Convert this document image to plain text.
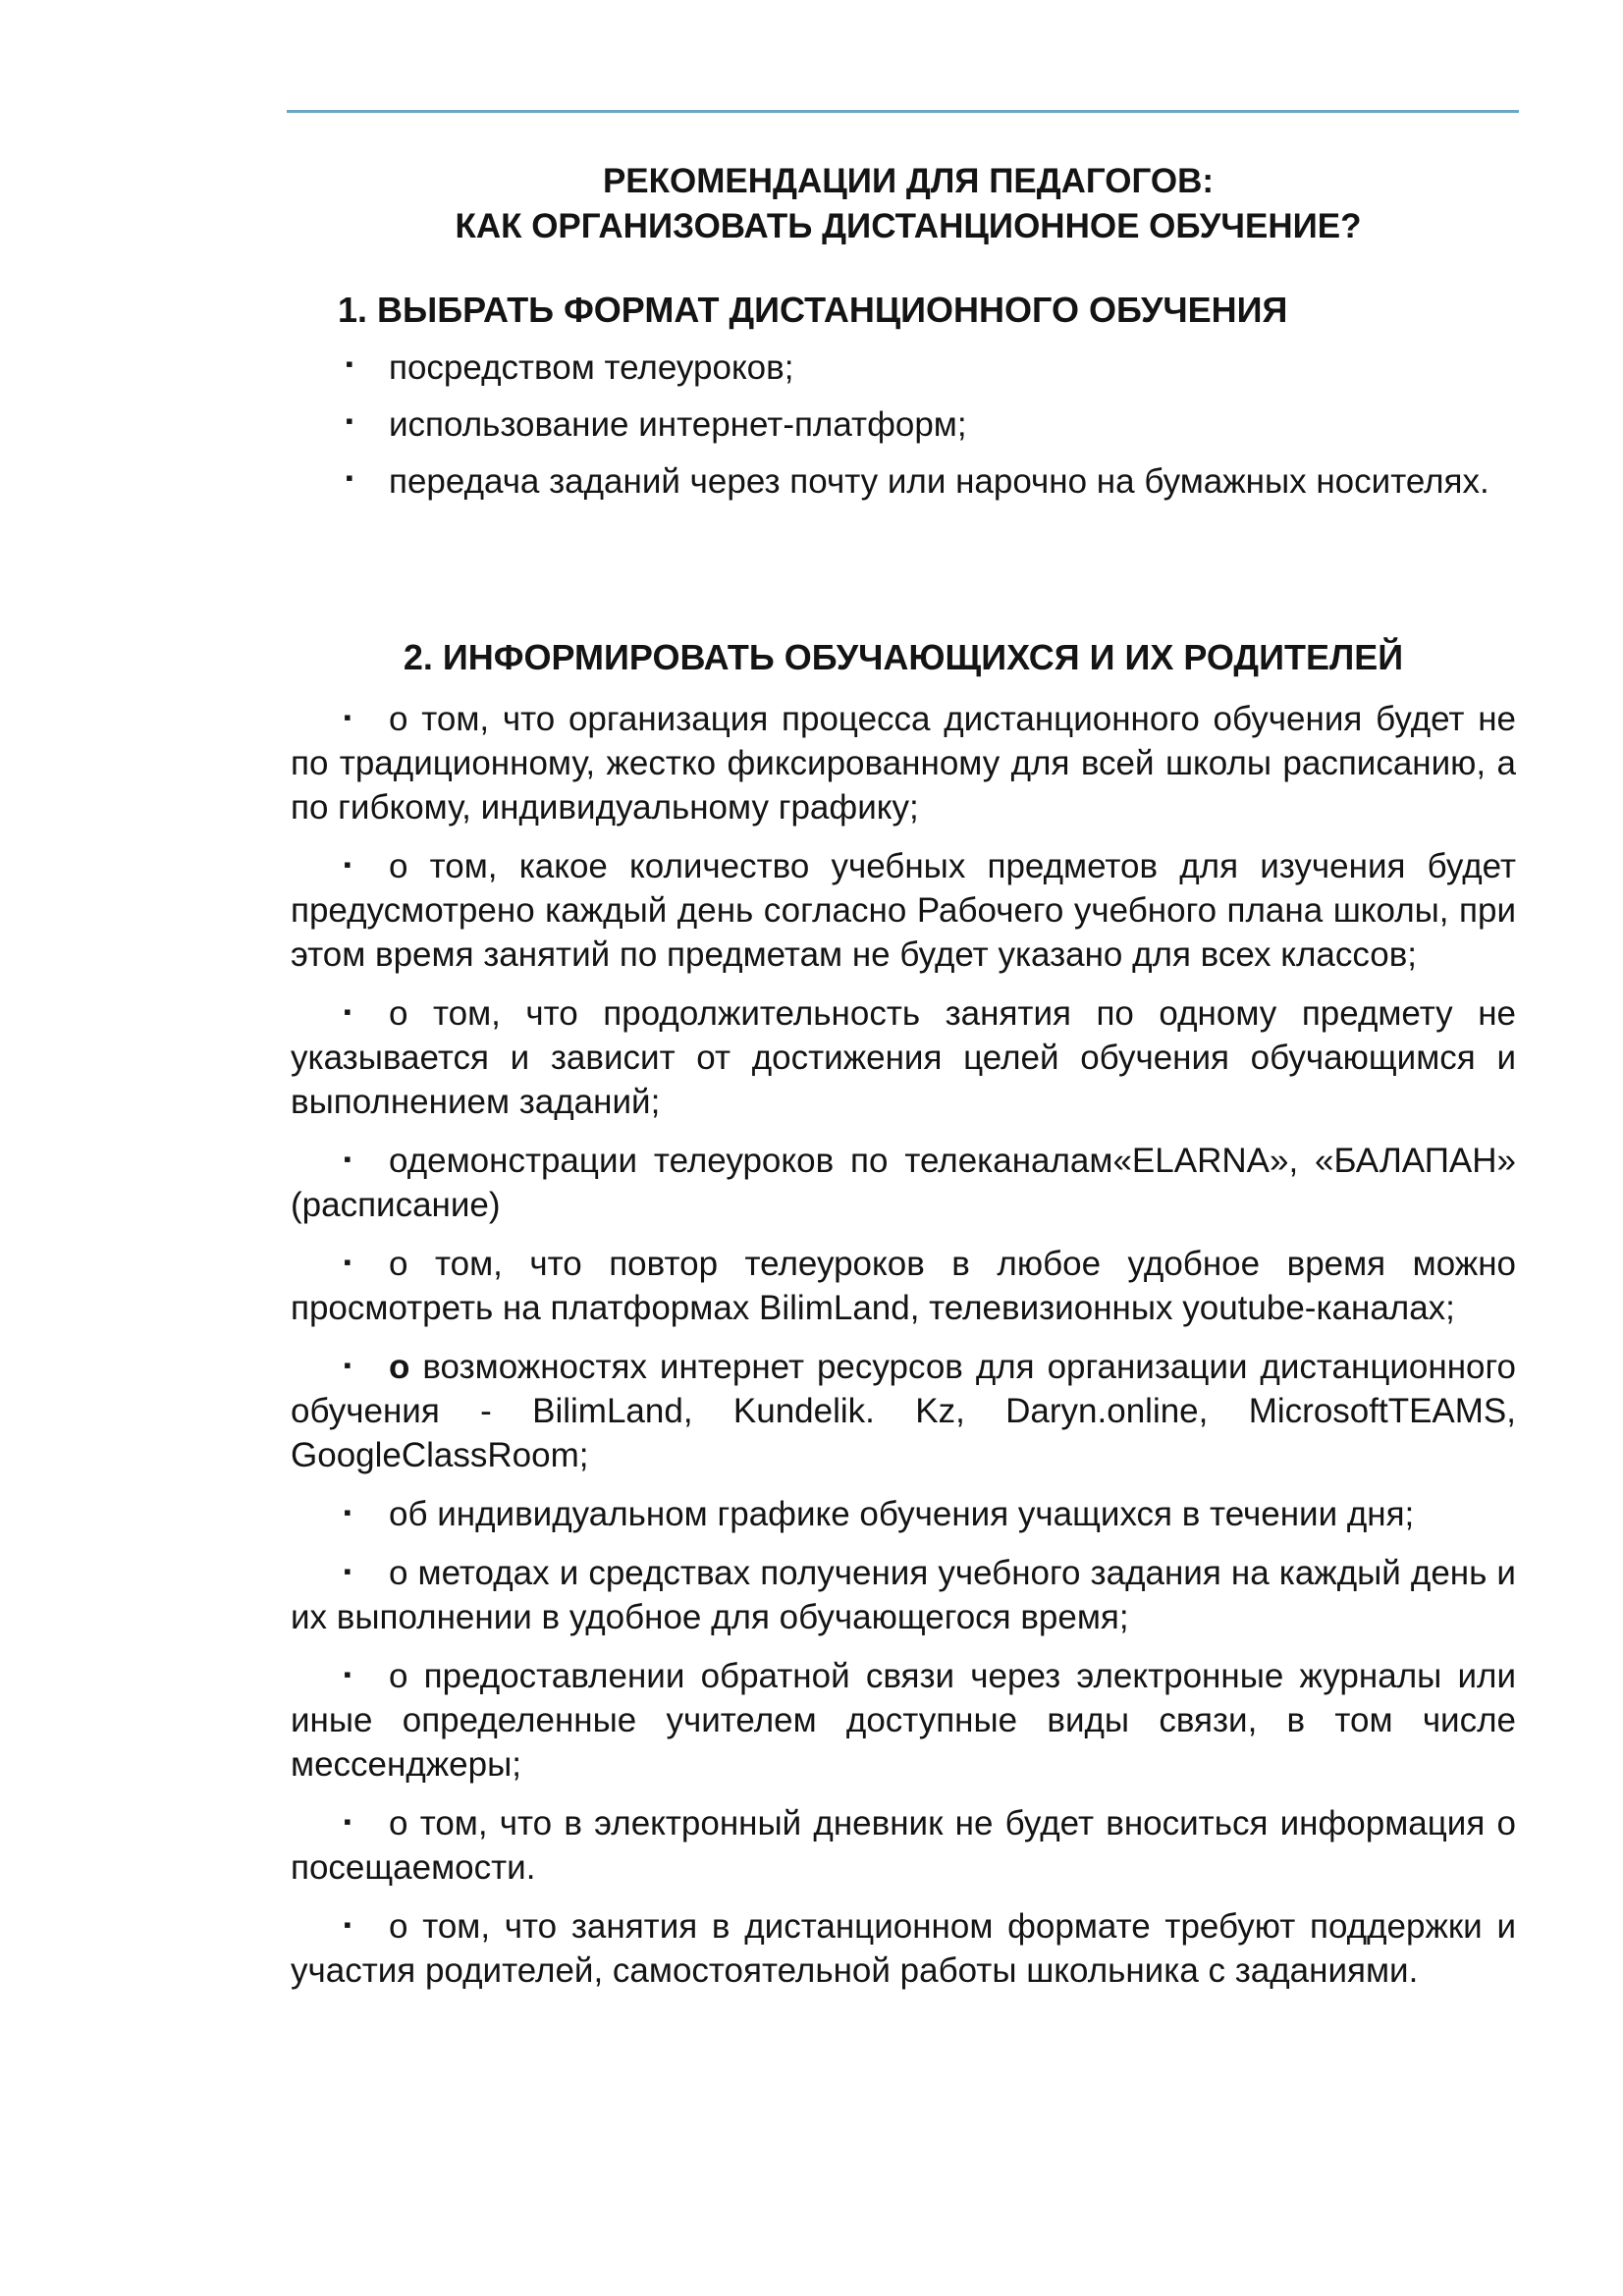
РЕКОМЕНДАЦИИ ДЛЯ ПЕДАГОГОВ:
КАК ОРГАНИЗОВАТЬ ДИСТАНЦИОННОЕ ОБУЧЕНИЕ?
1. ВЫБРАТЬ ФОРМАТ ДИСТАНЦИОННОГО ОБУЧЕНИЯ
▪ посредством телеуроков;
▪ использование интернет-платформ;
▪ передача заданий через почту или нарочно на бумажных носителях.
2. ИНФОРМИРОВАТЬ ОБУЧАЮЩИХСЯ И ИХ РОДИТЕЛЕЙ
▪ о том, что организация процесса дистанционного обучения будет не по традиционному, жестко фиксированному для всей школы расписанию, а по гибкому, индивидуальному графику;
▪ о том, какое количество учебных предметов для изучения будет предусмотрено каждый день согласно Рабочего учебного плана школы, при этом время занятий по предметам не будет указано для всех классов;
▪ о том, что продолжительность занятия по одному предмету не указывается и зависит от достижения целей обучения обучающимся и выполнением заданий;
▪ одемонстрации телеуроков по телеканалам«ELARNA», «БАЛАПАН» (расписание)
▪ о том, что повтор телеуроков в любое удобное время можно просмотреть на платформах BilimLand, телевизионных youtube-каналах;
▪ о возможностях интернет ресурсов для организации дистанционного обучения - BilimLand, Kundelik. Kz, Daryn.online, MicrosoftTEAMS, GoogleClassRoom;
▪ об индивидуальном графике обучения учащихся в течении дня;
▪ о методах и средствах получения учебного задания на каждый день и их выполнении в удобное для обучающегося время;
▪ о предоставлении обратной связи через электронные журналы или иные определенные учителем доступные виды связи, в том числе мессенджеры;
▪ о том, что в электронный дневник не будет вноситься информация о посещаемости.
▪ о том, что занятия в дистанционном формате требуют поддержки и участия родителей, самостоятельной работы школьника с заданиями.
